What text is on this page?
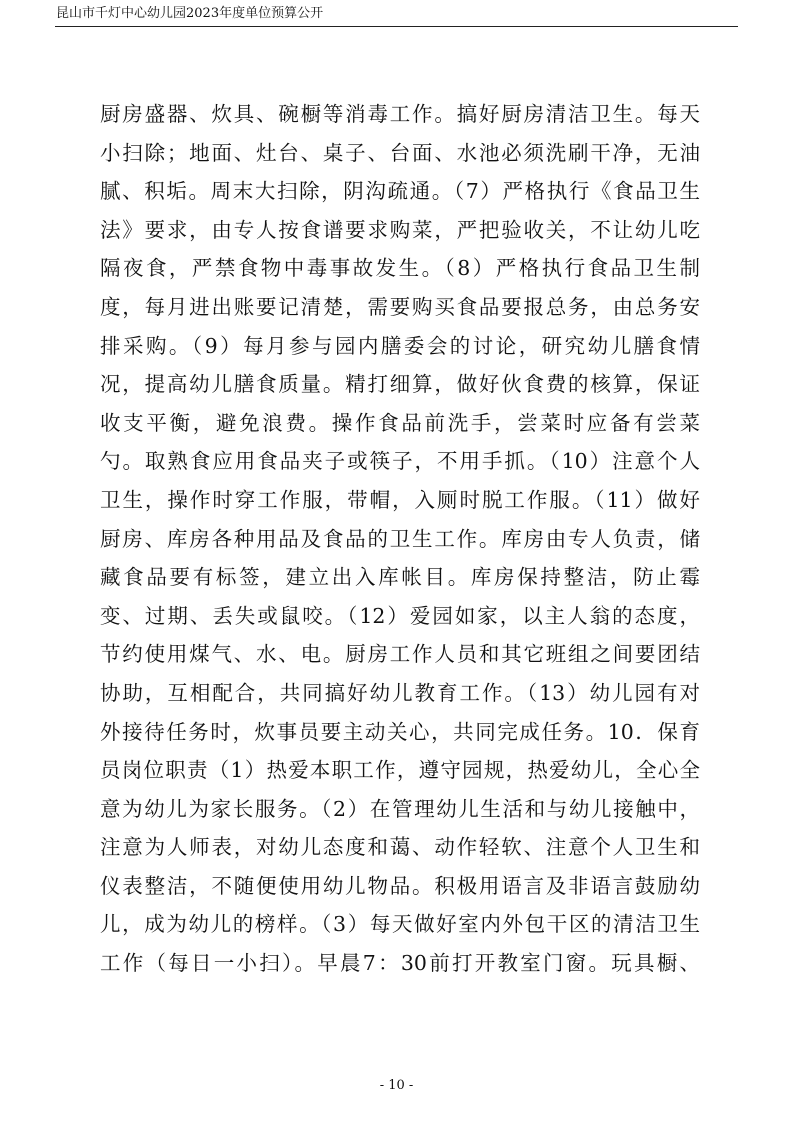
昆山市千灯中心幼儿园2023年度单位预算公开
厨房盛器、炊具、碗橱等消毒工作。搞好厨房清洁卫生。每天
小扫除；地面、灶台、桌子、台面、水池必须洗刷干净，无油
腻、积垢。周末大扫除，阴沟疏通。（7）严格执行《食品卫生
法》要求，由专人按食谱要求购菜，严把验收关，不让幼儿吃
隔夜食，严禁食物中毒事故发生。（8）严格执行食品卫生制
度，每月进出账要记清楚，需要购买食品要报总务，由总务安
排采购。（9）每月参与园内膳委会的讨论，研究幼儿膳食情
况，提高幼儿膳食质量。精打细算，做好伙食费的核算，保证
收支平衡，避免浪费。操作食品前洗手，尝菜时应备有尝菜
勺。取熟食应用食品夹子或筷子，不用手抓。（10）注意个人
卫生，操作时穿工作服，带帽，入厕时脱工作服。（11）做好
厨房、库房各种用品及食品的卫生工作。库房由专人负责，储
藏食品要有标签，建立出入库帐目。库房保持整洁，防止霉
变、过期、丢失或鼠咬。（12）爱园如家，以主人翁的态度，
节约使用煤气、水、电。厨房工作人员和其它班组之间要团结
协助，互相配合，共同搞好幼儿教育工作。（13）幼儿园有对
外接待任务时，炊事员要主动关心，共同完成任务。10．保育
员岗位职责（1）热爱本职工作，遵守园规，热爱幼儿，全心全
意为幼儿为家长服务。（2）在管理幼儿生活和与幼儿接触中，
注意为人师表，对幼儿态度和蔼、动作轻软、注意个人卫生和
仪表整洁，不随便使用幼儿物品。积极用语言及非语言鼓励幼
儿，成为幼儿的榜样。（3）每天做好室内外包干区的清洁卫生
工作（每日一小扫）。早晨7：30前打开教室门窗。玩具橱、
- 10 -
